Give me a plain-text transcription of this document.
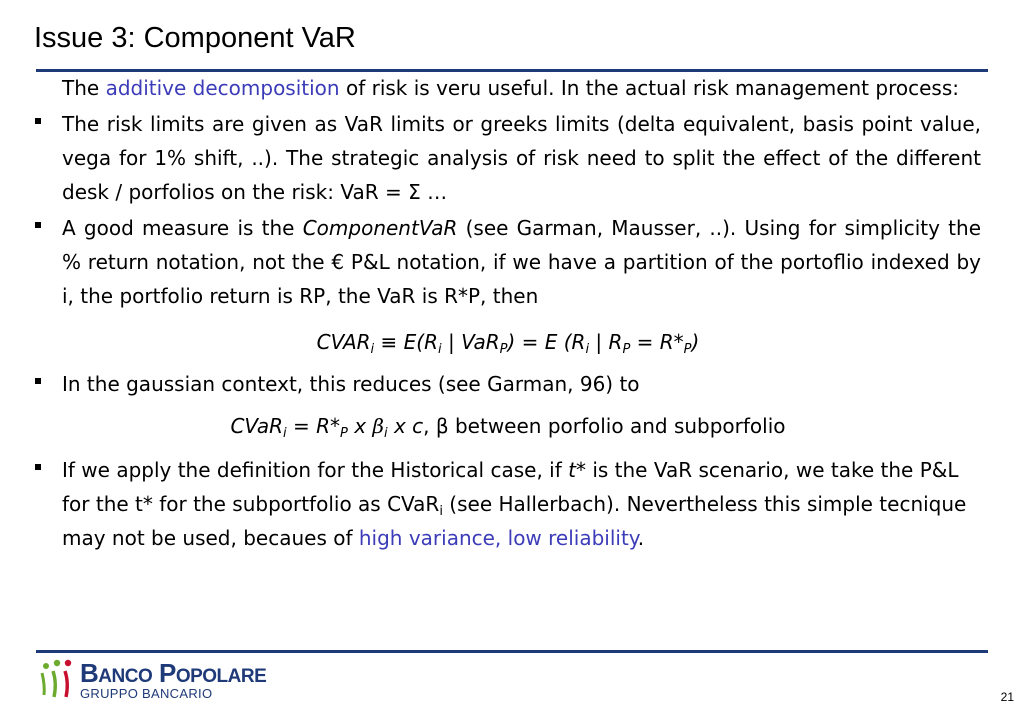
Issue 3: Component VaR

The additive decomposition of risk is veru useful. In the actual risk management process:

The risk limits are given as VaR limits or greeks limits (delta equivalent, basis point value, vega for 1% shift, ..). The strategic analysis of risk need to split the effect of the different desk / porfolios on the risk: VaR = Σ …

A good measure is the ComponentVaR (see Garman, Mausser, ..). Using for simplicity the % return notation, not the € P&L notation, if we have a partition of the portoflio indexed by i, the portfolio return is RP, the VaR is R*P, then

$CVAR_i \equiv E(R_i$ | VaR$_P$) = E ($R_i$ | $R_P = R*_P$)

In the gaussian context, this reduces (see Garman, 96) to

CVaR$_i$ = $R*_P$ x $\beta_i$ x c, β between porfolio and subporfolio

If we apply the definition for the Historical case, if t* is the VaR scenario, we take the P&L for the t* for the subportfolio as CVaR$_i$ (see Hallerbach). Nevertheless this simple tecnique may not be used, becaues of high variance, low reliability.

BANCO POPOLARE
GRUPPO BANCARIO	21
